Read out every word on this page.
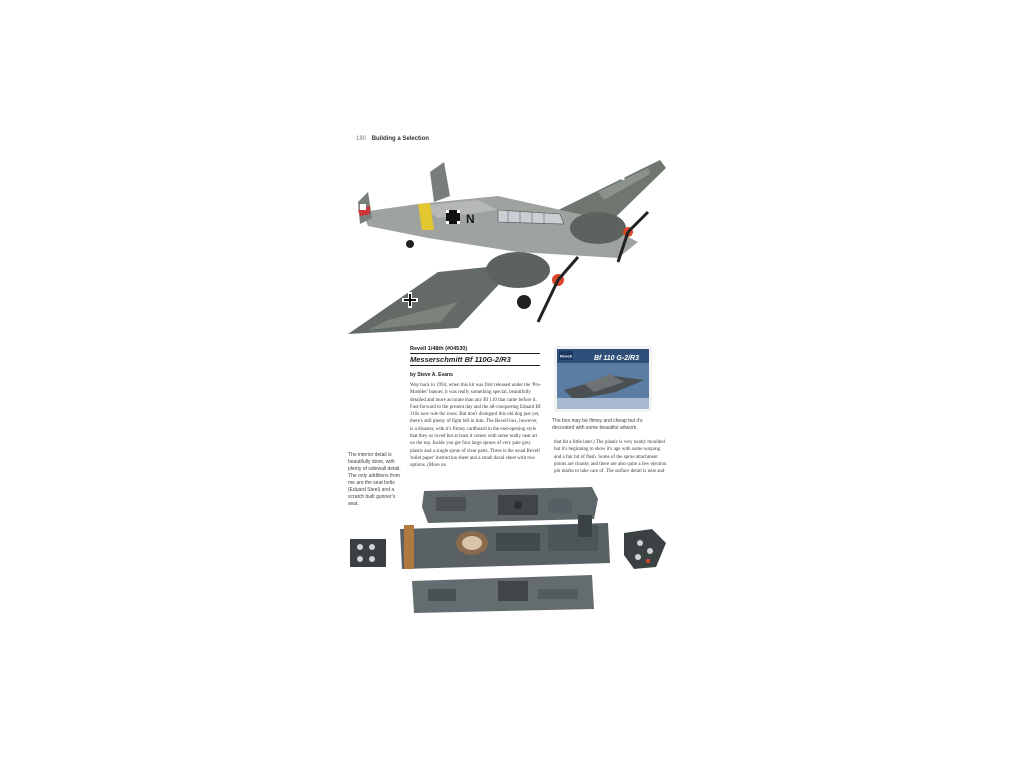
180 Building a Selection
N
Revell 1/48th (#04530)
Messerschmitt Bf 110G-2/R3
by Steve A. Evans
Revell	Bf 110 G-2/R3
The box may be flimsy and cheap but it's decorated with some beautiful artwork.
Way back in 1994, when this kit was first released under the 'Pro-Modeler' banner, it was really something special, beautifully detailed and more accurate than any Bf 110 that came before it. Fast-forward to the present day and the all-conquering Eduard Bf 110s now rule the roost. But don't disregard this old dog just yet, there's still plenty of fight left in him. The Revell box, however, is a disaster, with it's flimsy cardboard in the end-opening style that they so loved but at least it comes with some really neat art on the top. Inside you get four large sprues of very pale grey plastic and a single sprue of clear parts. There is the usual Revell 'toilet paper' instruction sheet and a small decal sheet with two options. (More on
that bit a little later.) The plastic is very neatly moulded but it's beginning to show it's age with some warping and a fair bit of flash. Some of the sprue attachment points are chunky and there are also quite a few ejection pin marks to take care of. The surface detail is neat and
The interior detail is beautifully done, with plenty of sidewall detail. The only additions from me are the seat belts (Eduard Steel) and a scratch built gunner's seat.
